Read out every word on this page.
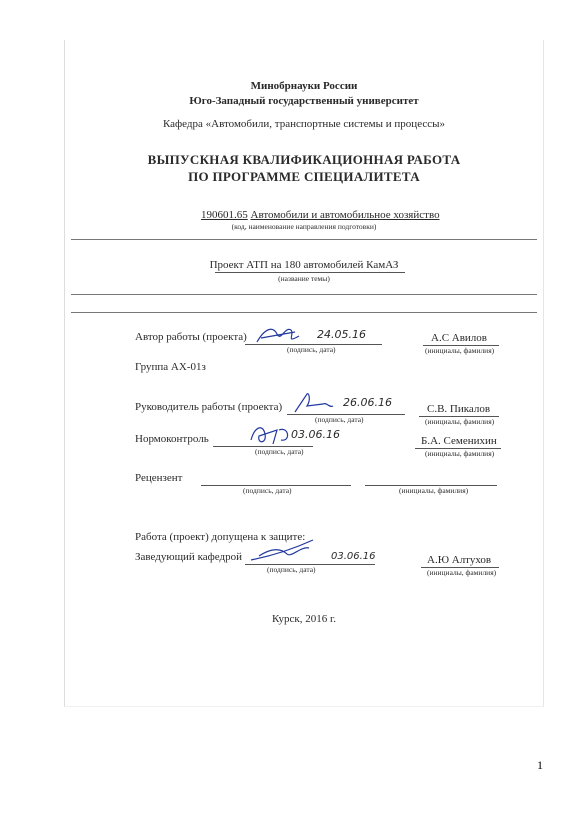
Минобрнауки России
Юго-Западный государственный университет
Кафедра «Автомобили, транспортные системы и процессы»
ВЫПУСКНАЯ КВАЛИФИКАЦИОННАЯ РАБОТА
ПО ПРОГРАММЕ СПЕЦИАЛИТЕТА
190601.65 Автомобили и автомобильное хозяйство
(код, наименование направления подготовки)
Проект АТП на 180 автомобилей КамАЗ
(название темы)
Автор работы (проекта)	24.05.16
(подпись, дата)
А.С Авилов
(инициалы, фамилия)
Группа АХ-01з
Руководитель работы (проекта)	26.06.16
(подпись, дата)
С.В. Пикалов
(инициалы, фамилия)
Нормоконтроль	03.06.16
(подпись, дата)
Б.А. Семенихин
(инициалы, фамилия)
Рецензент
(подпись, дата)	(инициалы, фамилия)
Работа (проект) допущена к защите:
Заведующий кафедрой	03.06.16
(подпись, дата)
А.Ю Алтухов
(инициалы, фамилия)
Курск, 2016 г.
1
